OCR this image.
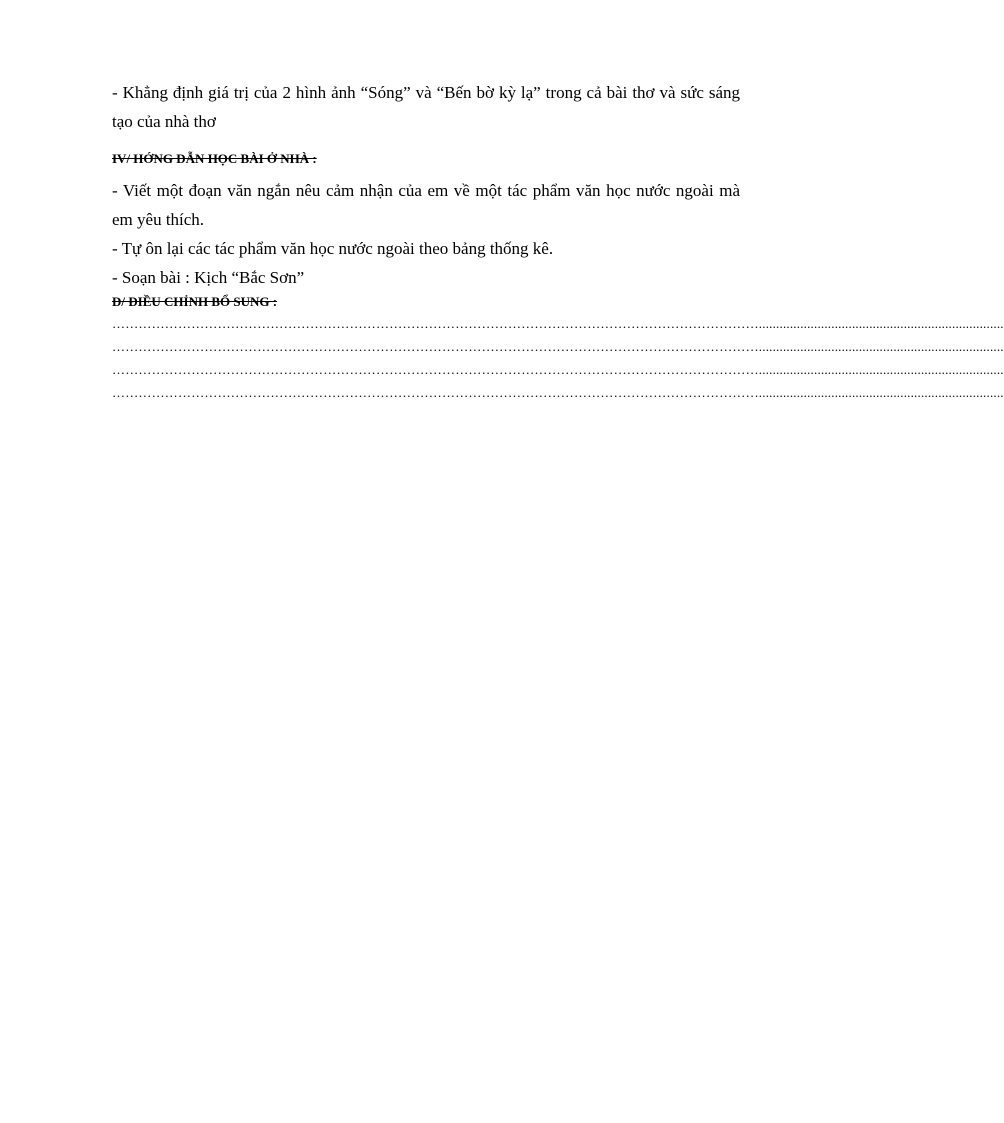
- Khẳng định giá trị của 2 hình ảnh “Sóng” và “Bến bờ kỳ lạ” trong cả bài thơ và sức sáng tạo của nhà thơ

IV/ HỚNG DẪN HỌC BÀI Ở NHÀ :

- Viết một đoạn văn ngắn nêu cảm nhận của em về một tác phẩm văn học nước ngoài mà em yêu thích.

- Tự ôn lại các tác phẩm văn học nước ngoài theo bảng thống kê.

- Soạn bài : Kịch “Bắc Sơn”

D/ ĐIỀU CHỈNH BỔ SUNG :

………………………………………………………………………………………………………………………………….......................................................................

………………………………………………………………………………………………………………………………….......................................................................

………………………………………………………………………………………………………………………………….......................................................................

………………………………………………………………………………………………………………………………….......................................................................
